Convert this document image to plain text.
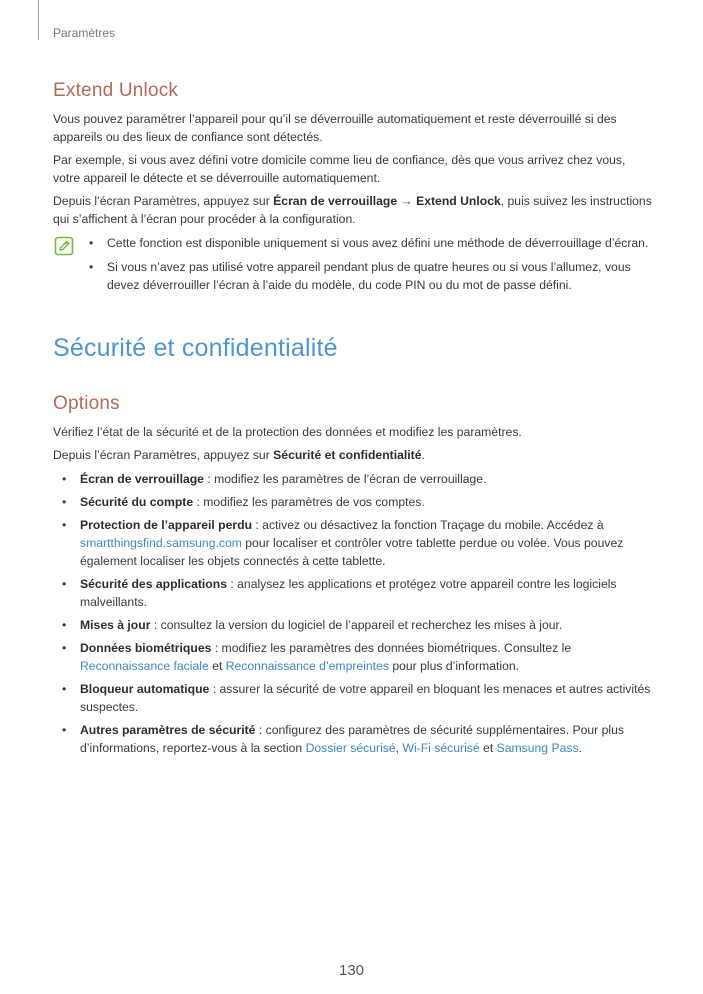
Paramètres
Extend Unlock

Vous pouvez paramétrer l’appareil pour qu’il se déverrouille automatiquement et reste déverrouillé si des appareils ou des lieux de confiance sont détectés.

Par exemple, si vous avez défini votre domicile comme lieu de confiance, dès que vous arrivez chez vous, votre appareil le détecte et se déverrouille automatiquement.

Depuis l’écran Paramètres, appuyez sur Écran de verrouillage → Extend Unlock, puis suivez les instructions qui s’affichent à l’écran pour procéder à la configuration.

• Cette fonction est disponible uniquement si vous avez défini une méthode de déverrouillage d’écran.
• Si vous n’avez pas utilisé votre appareil pendant plus de quatre heures ou si vous l’allumez, vous devez déverrouiller l’écran à l’aide du modèle, du code PIN ou du mot de passe défini.
Sécurité et confidentialité
Options

Vérifiez l’état de la sécurité et de la protection des données et modifiez les paramètres.

Depuis l’écran Paramètres, appuyez sur Sécurité et confidentialité.

• Écran de verrouillage : modifiez les paramètres de l’écran de verrouillage.
• Sécurité du compte : modifiez les paramètres de vos comptes.
• Protection de l’appareil perdu : activez ou désactivez la fonction Traçage du mobile. Accédez à smartthingsfind.samsung.com pour localiser et contrôler votre tablette perdue ou volée. Vous pouvez également localiser les objets connectés à cette tablette.
• Sécurité des applications : analysez les applications et protégez votre appareil contre les logiciels malveillants.
• Mises à jour : consultez la version du logiciel de l’appareil et recherchez les mises à jour.
• Données biométriques : modifiez les paramètres des données biométriques. Consultez le Reconnaissance faciale et Reconnaissance d’empreintes pour plus d’information.
• Bloqueur automatique : assurer la sécurité de votre appareil en bloquant les menaces et autres activités suspectes.
• Autres paramètres de sécurité : configurez des paramètres de sécurité supplémentaires. Pour plus d’informations, reportez-vous à la section Dossier sécurisé, Wi-Fi sécurisé et Samsung Pass.
130
